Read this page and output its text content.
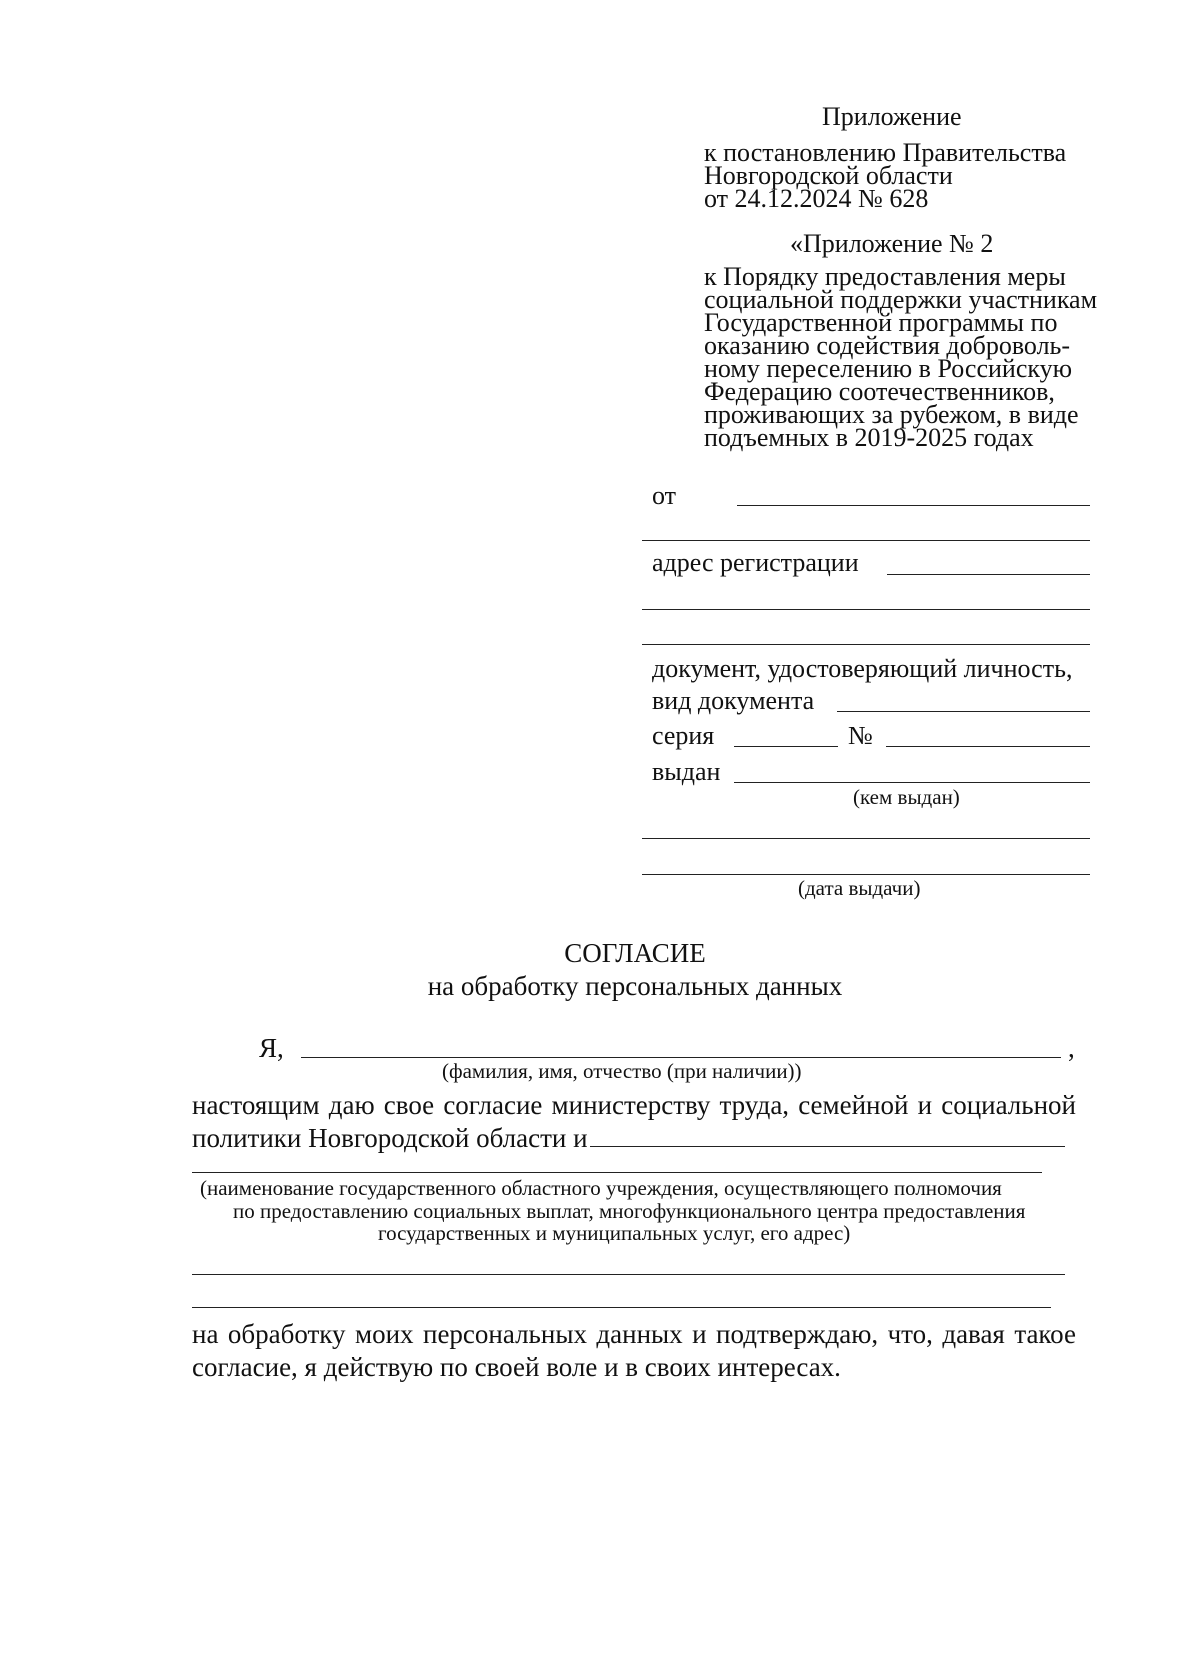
Приложение
к постановлению Правительства
Новгородской области
от 24.12.2024 № 628
«Приложение № 2
к Порядку предоставления меры
социальной поддержки участникам
Государственной программы по
оказанию содействия доброволь-
ному переселению в Российскую
Федерацию соотечественников,
проживающих за рубежом, в виде
подъемных в 2019-2025 годах
от
адрес регистрации
документ, удостоверяющий личность,
вид документа
серия	№
выдан
(кем выдан)
(дата выдачи)
СОГЛАСИЕ
на обработку персональных данных
Я,	,
(фамилия, имя, отчество (при наличии))
настоящим даю свое согласие министерству труда, семейной и социальной
политики Новгородской области и
(наименование государственного областного учреждения, осуществляющего полномочия
по предоставлению социальных выплат, многофункционального центра предоставления
государственных и муниципальных услуг, его адрес)
на обработку моих персональных данных и подтверждаю, что, давая такое
согласие, я действую по своей воле и в своих интересах.
